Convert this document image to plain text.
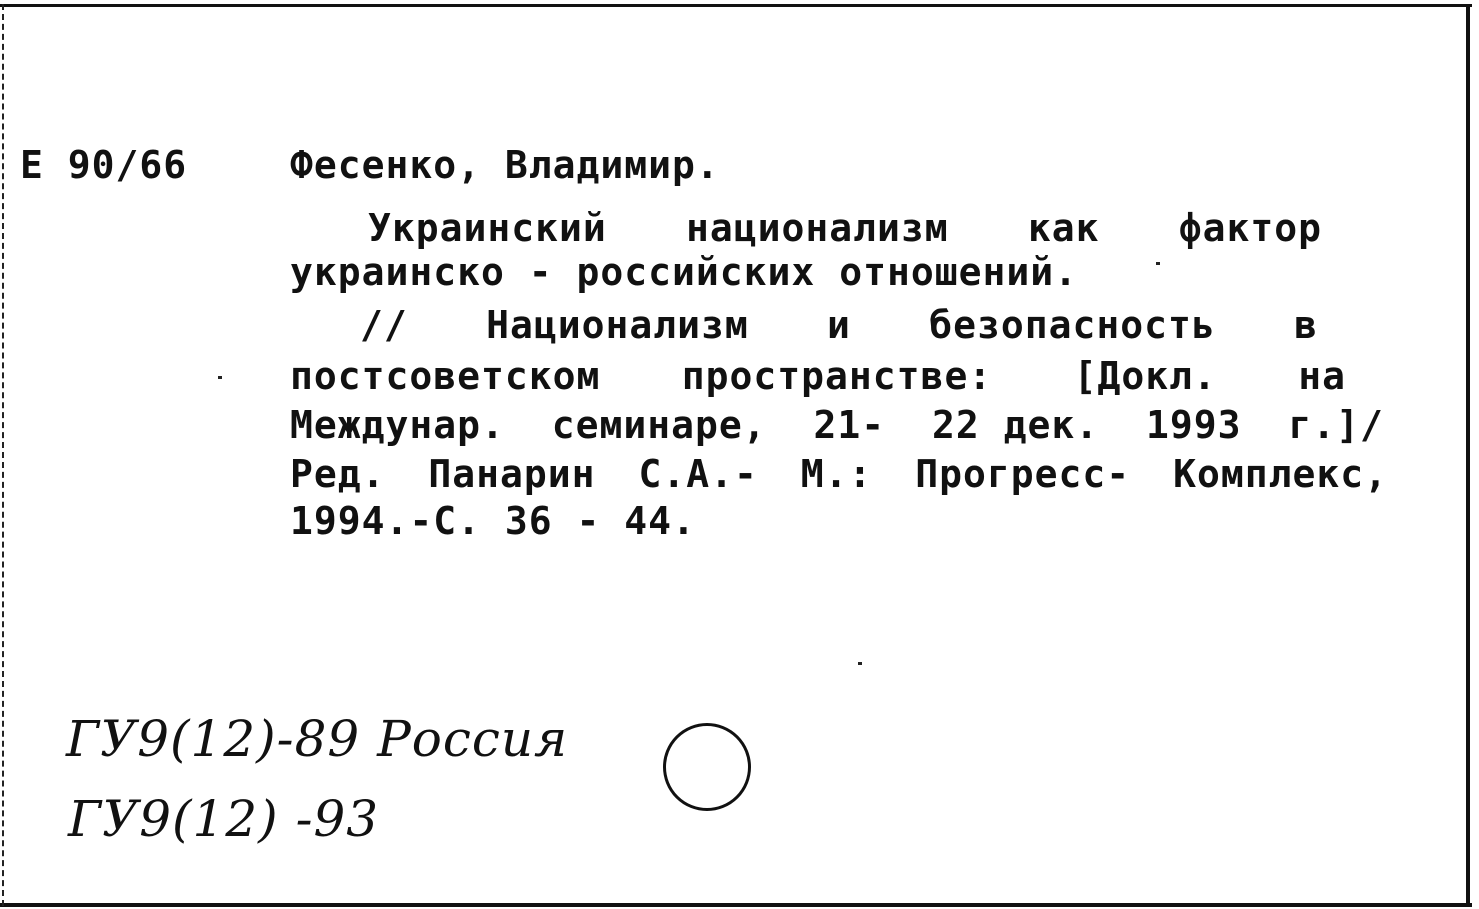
Е 90/66	Фесенко, Владимир.
Украинский национализм как фактор
украинско - российских отношений.
// Национализм и безопасность в
постсоветском пространстве: [Докл. на
Междунар. семинаре, 21- 22 дек. 1993 г.]/
Ред. Панарин С.А.- М.: Прогресс- Комплекс,
1994.-С. 36 - 44.
ГУ9(12)-89 Россия
ГУ9(12) -93
